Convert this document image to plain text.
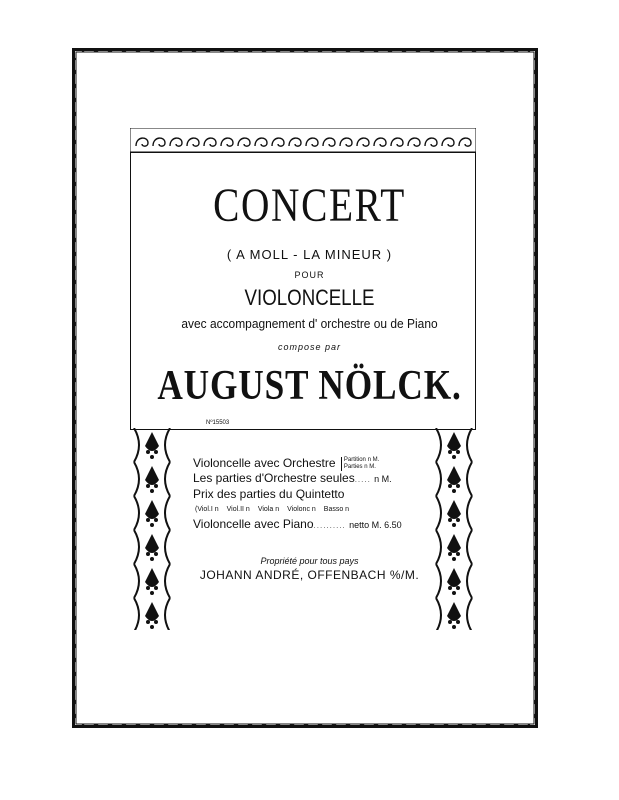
CONCERT
( A MOLL - LA MINEUR )
POUR
VIOLONCELLE
avec accompagnement d' orchestre ou de Piano
compose par
AUGUST NÖLCK.
Nº15503
Violoncelle avec Orchestre Partition n M.
Parties n M.
Les parties d'Orchestre seules..... n M.
Prix des parties du Quintetto
(Viol.I n Viol.II n Viola n Violonc n Basso n
Violoncelle avec Piano.......... netto M. 6.50
Propriété pour tous pays
JOHANN ANDRÉ, OFFENBACH %/M.
